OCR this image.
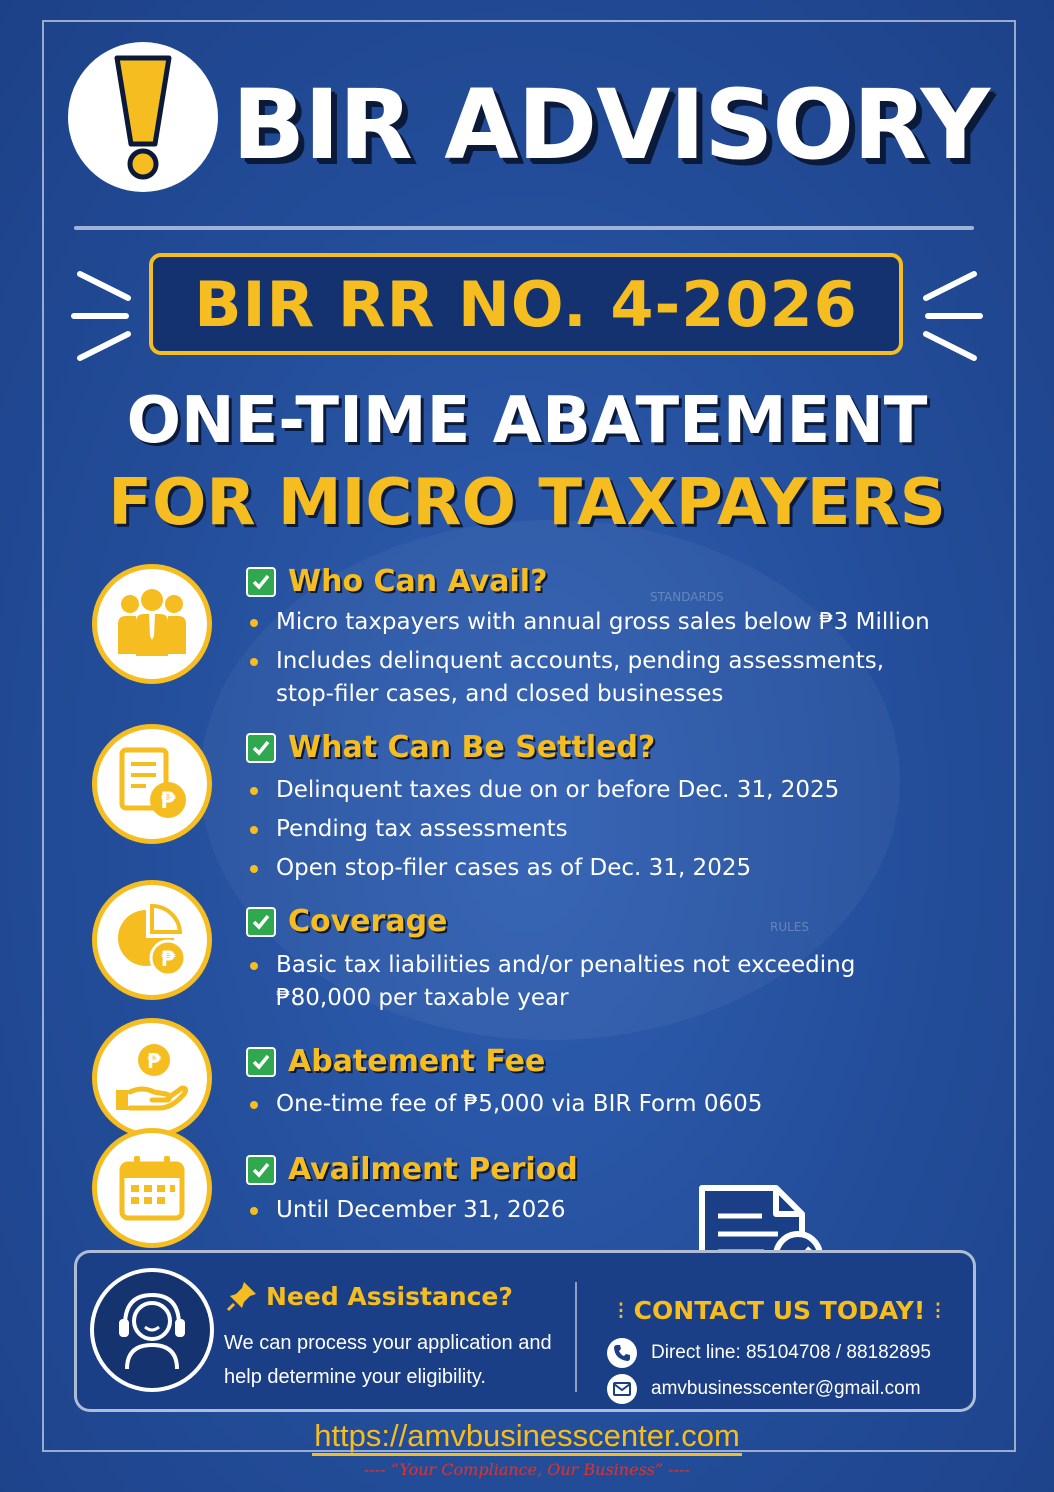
STANDARDS
RULES
BIR ADVISORY
BIR RR NO. 4-2026
ONE-TIME ABATEMENT
FOR MICRO TAXPAYERS
Who Can Avail?
Micro taxpayers with annual gross sales below ₱3 Million
Includes delinquent accounts, pending assessments, stop-filer cases, and closed businesses
₱
What Can Be Settled?
Delinquent taxes due on or before Dec. 31, 2025
Pending tax assessments
Open stop-filer cases as of Dec. 31, 2025
₱
Coverage
Basic tax liabilities and/or penalties not exceeding ₱80,000 per taxable year
₱	Abatement Fee
One-time fee of ₱5,000 via BIR Form 0605
Availment Period
Until December 31, 2026
Need Assistance?
We can process your application and help determine your eligibility.
⁝ CONTACT US TODAY! ⁝
Direct line: 85104708 / 88182895
amvbusinesscenter@gmail.com
https://amvbusinesscenter.com
---- “Your Compliance, Our Business” ----
